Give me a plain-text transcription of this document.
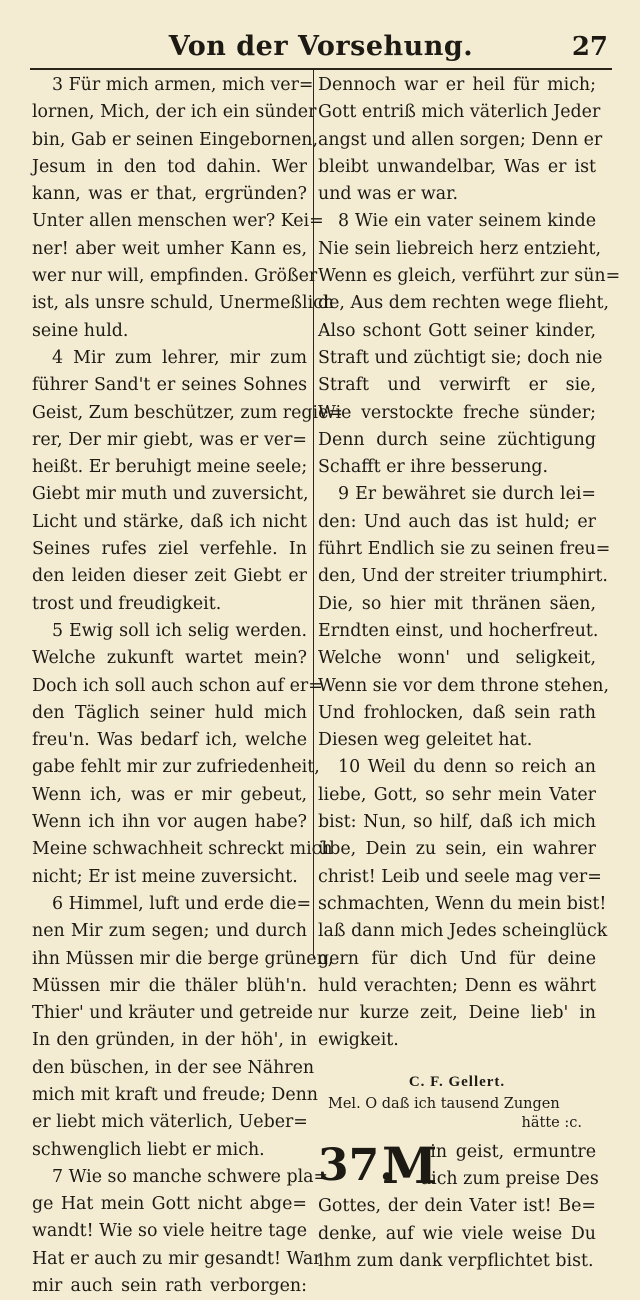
Von der Vorsehung.	27
3 Für mich armen, mich ver=
lornen, Mich, der ich ein sünder
bin, Gab er seinen Eingebornen,
Jesum in den tod dahin. Wer
kann, was er that, ergründen?
Unter allen menschen wer? Kei=
ner! aber weit umher Kann es,
wer nur will, empfinden. Größer
ist, als unsre schuld, Unermeßlich
seine huld.
4 Mir zum lehrer, mir zum
führer Sand't er seines Sohnes
Geist, Zum beschützer, zum regie=
rer, Der mir giebt, was er ver=
heißt. Er beruhigt meine seele;
Giebt mir muth und zuversicht,
Licht und stärke, daß ich nicht
Seines rufes ziel verfehle. In
den leiden dieser zeit Giebt er
trost und freudigkeit.
5 Ewig soll ich selig werden.
Welche zukunft wartet mein?
Doch ich soll auch schon auf er=
den Täglich seiner huld mich
freu'n. Was bedarf ich, welche
gabe fehlt mir zur zufriedenheit,
Wenn ich, was er mir gebeut,
Wenn ich ihn vor augen habe?
Meine schwachheit schreckt mich
nicht; Er ist meine zuversicht.
6 Himmel, luft und erde die=
nen Mir zum segen; und durch
ihn Müssen mir die berge grünen,
Müssen mir die thäler blüh'n.
Thier' und kräuter und getreide
In den gründen, in der höh', in
den büschen, in der see Nähren
mich mit kraft und freude; Denn
er liebt mich väterlich, Ueber=
schwenglich liebt er mich.
7 Wie so manche schwere pla=
ge Hat mein Gott nicht abge=
wandt! Wie so viele heitre tage
Hat er auch zu mir gesandt! War
mir auch sein rath verborgen:
Dennoch war er heil für mich;
Gott entriß mich väterlich Jeder
angst und allen sorgen; Denn er
bleibt unwandelbar, Was er ist
und was er war.
8 Wie ein vater seinem kinde
Nie sein liebreich herz entzieht,
Wenn es gleich, verführt zur sün=
de, Aus dem rechten wege flieht,
Also schont Gott seiner kinder,
Straft und züchtigt sie; doch nie
Straft und verwirft er sie,
Wie verstockte freche sünder;
Denn durch seine züchtigung
Schafft er ihre besserung.
9 Er bewähret sie durch lei=
den: Und auch das ist huld; er
führt Endlich sie zu seinen freu=
den, Und der streiter triumphirt.
Die, so hier mit thränen säen,
Erndten einst, und hocherfreut.
Welche wonn' und seligkeit,
Wenn sie vor dem throne stehen,
Und frohlocken, daß sein rath
Diesen weg geleitet hat.
10 Weil du denn so reich an
liebe, Gott, so sehr mein Vater
bist: Nun, so hilf, daß ich mich
übe, Dein zu sein, ein wahrer
christ! Leib und seele mag ver=
schmachten, Wenn du mein bist!
laß dann mich Jedes scheinglück
gern für dich Und für deine
huld verachten; Denn es währt
nur kurze zeit, Deine lieb' in
ewigkeit.
C. F. Gellert.
Mel. O daß ich tausend Zungen
hätte :c.
37.
M
ein geist, ermuntre
dich zum preise Des
Gottes, der dein Vater ist! Be=
denke, auf wie viele weise Du
ihm zum dank verpflichtet bist.
